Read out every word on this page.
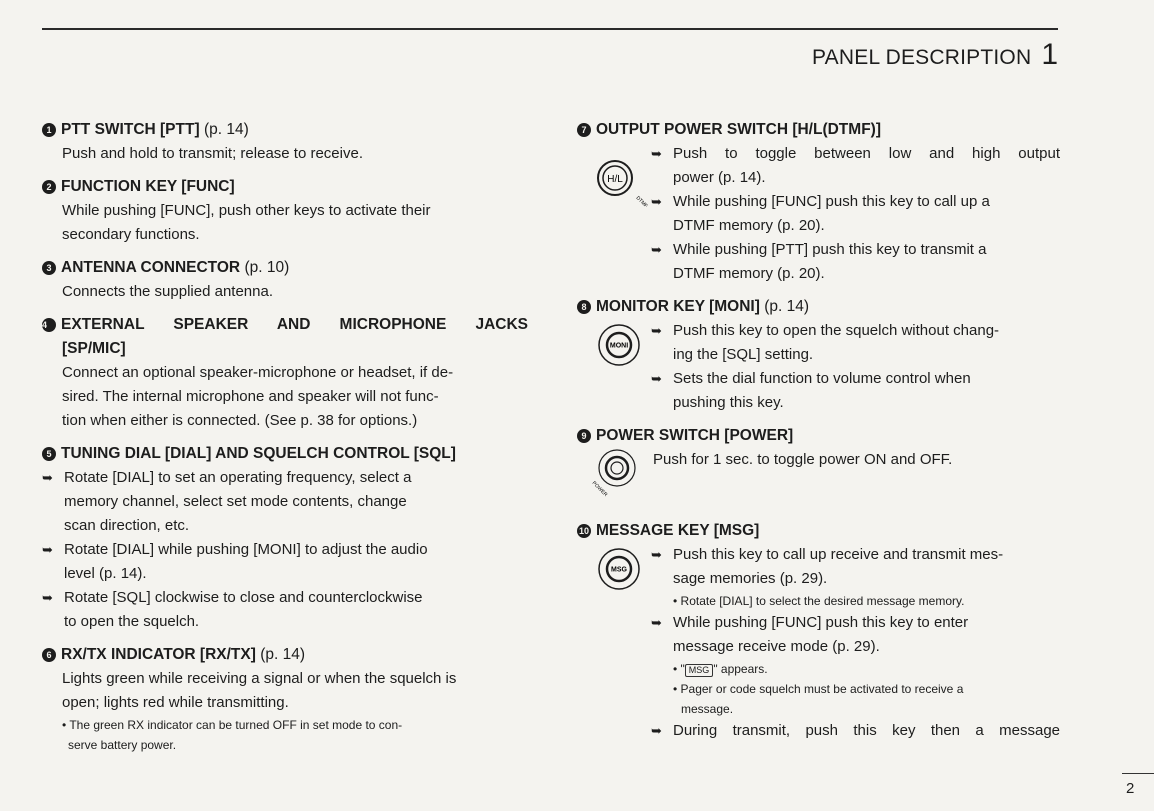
PANEL DESCRIPTION 1
1 PTT SWITCH [PTT] (p. 14)
Push and hold to transmit; release to receive.
2 FUNCTION KEY [FUNC]
While pushing [FUNC], push other keys to activate their
secondary functions.
3 ANTENNA CONNECTOR (p. 10)
Connects the supplied antenna.
4 EXTERNAL SPEAKER AND MICROPHONE JACKS
[SP/MIC]
Connect an optional speaker-microphone or headset, if de-
sired. The internal microphone and speaker will not func-
tion when either is connected. (See p. 38 for options.)
5 TUNING DIAL [DIAL] AND SQUELCH CONTROL [SQL]
➥ Rotate [DIAL] to set an operating frequency, select a
memory channel, select set mode contents, change
scan direction, etc.
➥ Rotate [DIAL] while pushing [MONI] to adjust the audio
level (p. 14).
➥ Rotate [SQL] clockwise to close and counterclockwise
to open the squelch.
6 RX/TX INDICATOR [RX/TX] (p. 14)
Lights green while receiving a signal or when the squelch is
open; lights red while transmitting.
• The green RX indicator can be turned OFF in set mode to con-
serve battery power.
7 OUTPUT POWER SWITCH [H/L(DTMF)]
H/L
DTMF
➥ Push to toggle between low and high output
power (p. 14).
➥ While pushing [FUNC] push this key to call up a
DTMF memory (p. 20).
➥ While pushing [PTT] push this key to transmit a
DTMF memory (p. 20).
8 MONITOR KEY [MONI] (p. 14)
MONI
➥ Push this key to open the squelch without chang-
ing the [SQL] setting.
➥ Sets the dial function to volume control when
pushing this key.
9 POWER SWITCH [POWER]
POWER
Push for 1 sec. to toggle power ON and OFF.
10 MESSAGE KEY [MSG]
MSG
➥ Push this key to call up receive and transmit mes-
sage memories (p. 29).
• Rotate [DIAL] to select the desired message memory.
➥ While pushing [FUNC] push this key to enter
message receive mode (p. 29).
• " MSG " appears.
• Pager or code squelch must be activated to receive a
message.
➥ During transmit, push this key then a message
2
